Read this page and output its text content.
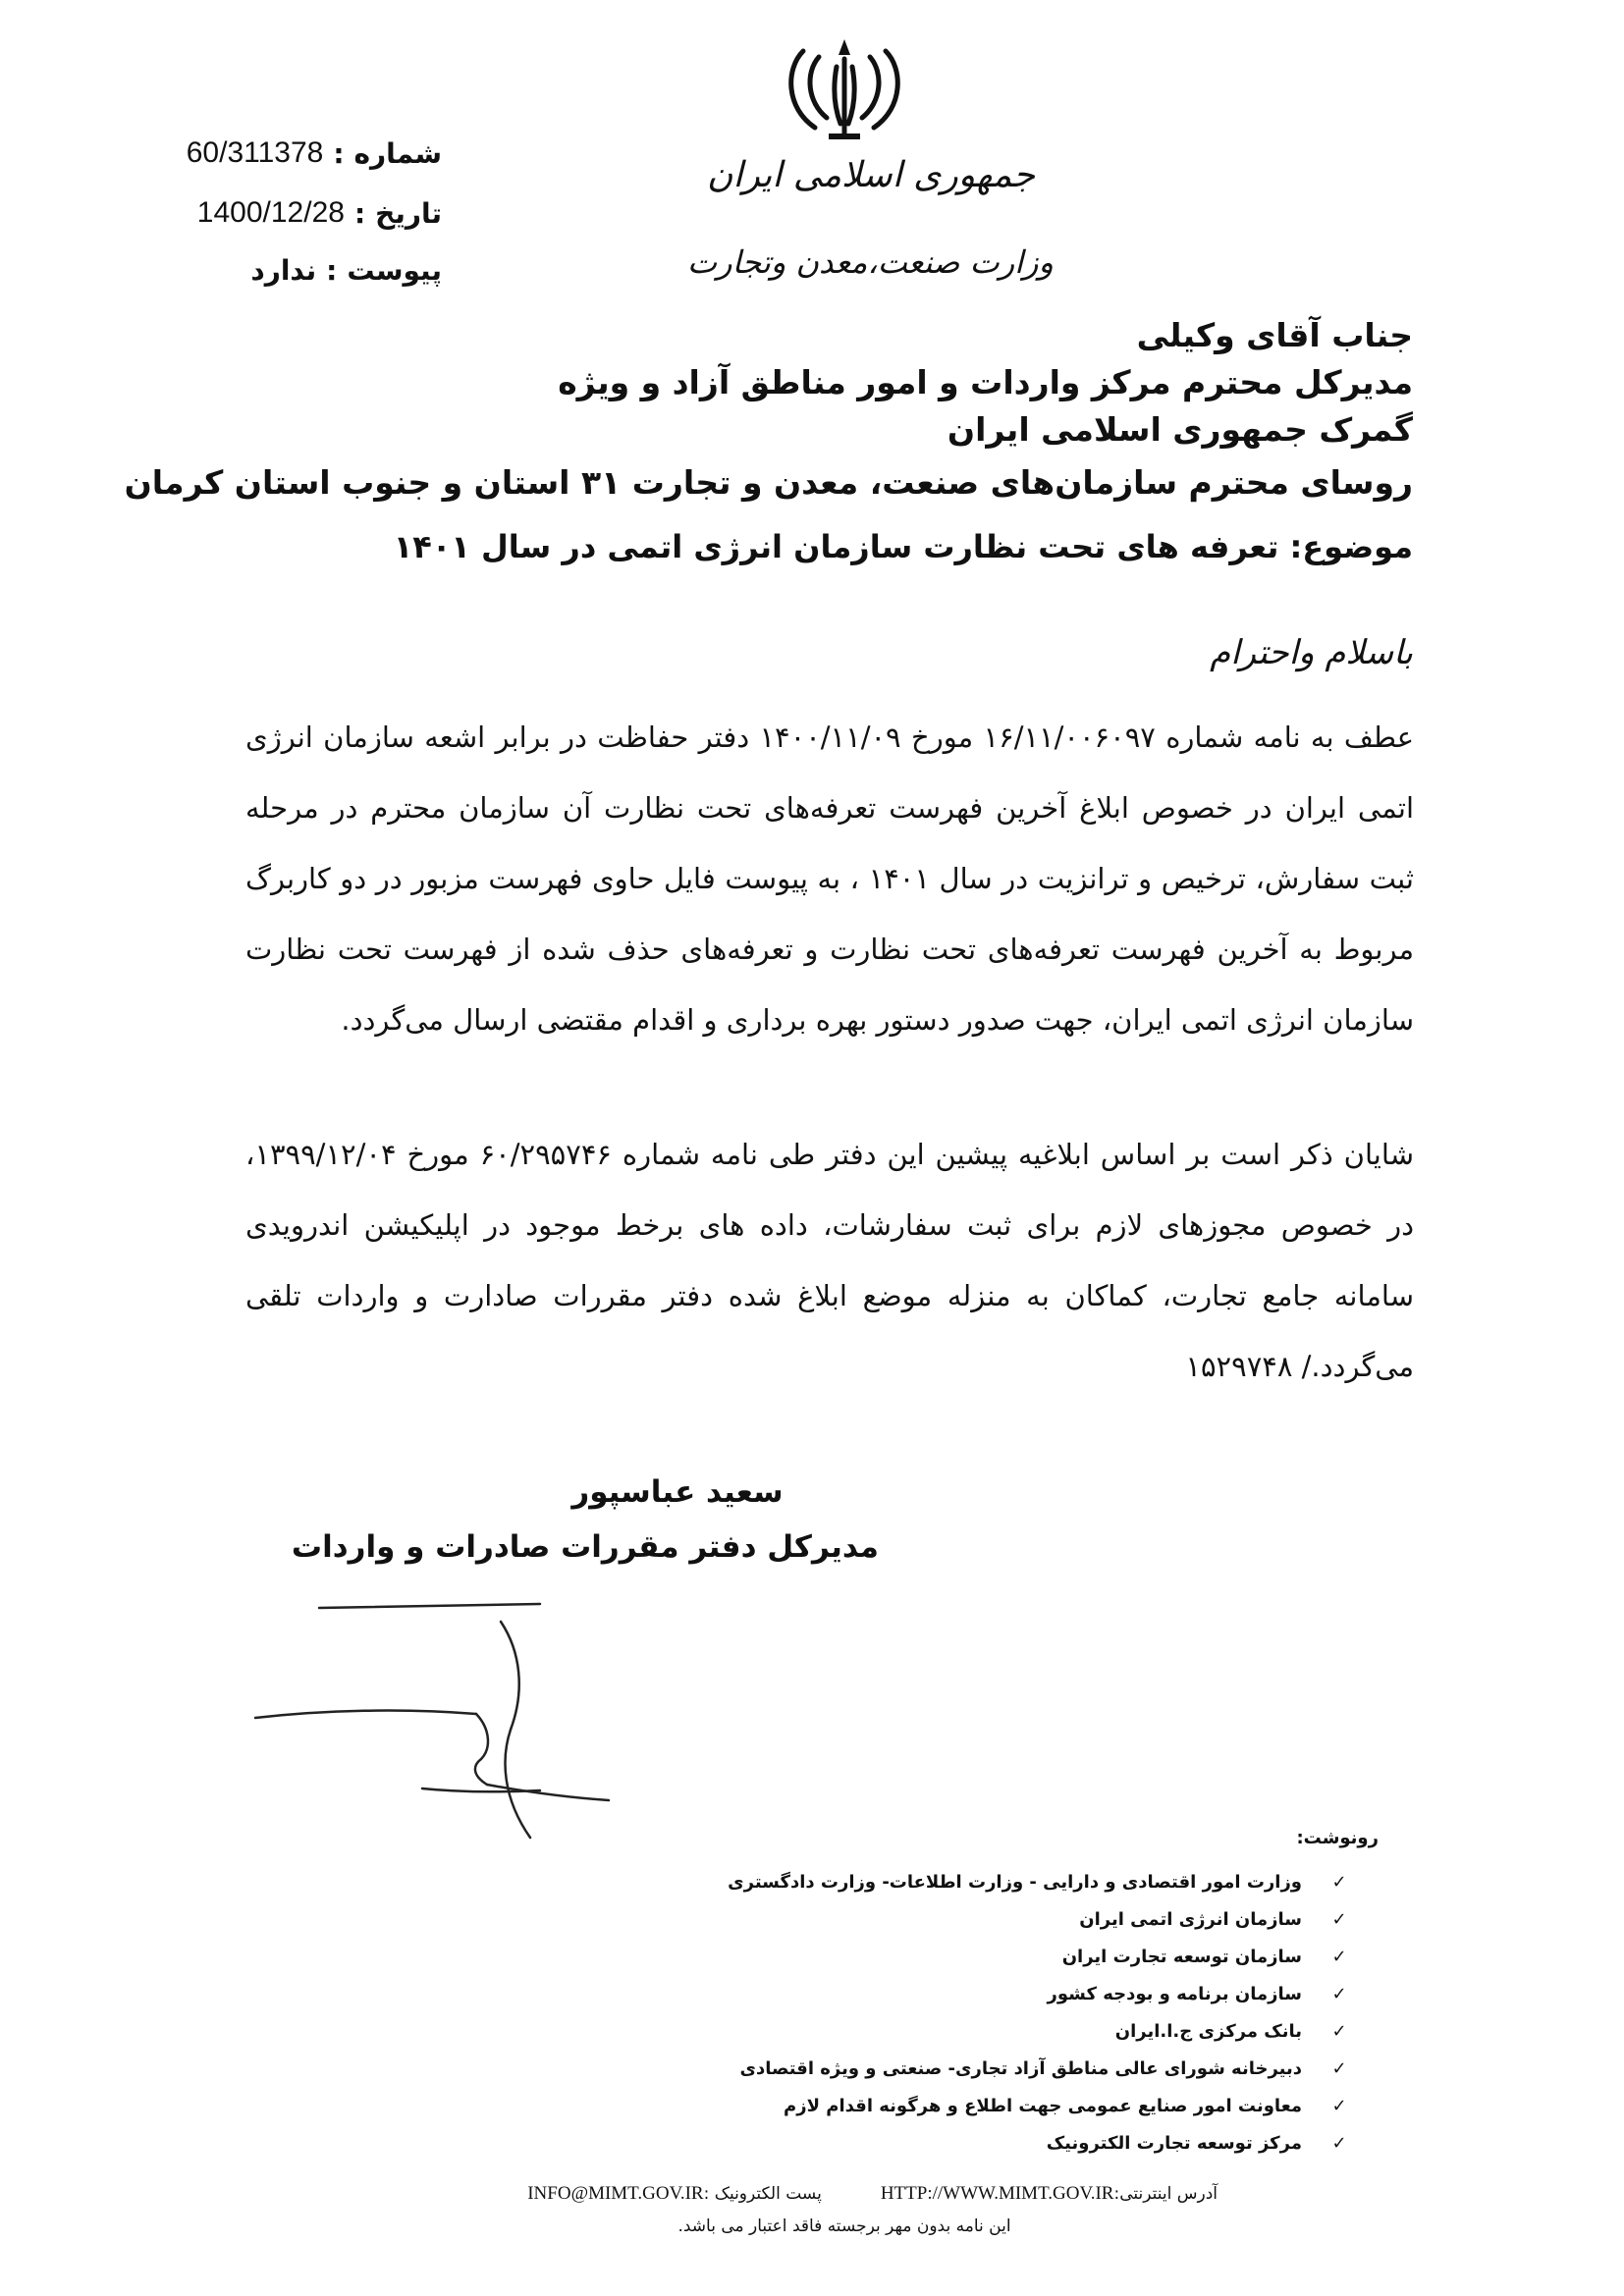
جمهوری اسلامی ایران
وزارت صنعت،معدن وتجارت
شماره
:
60/311378
تاریخ
:
1400/12/28
پیوست
:
ندارد
جناب آقای وکیلی
مدیرکل محترم مرکز واردات و امور مناطق آزاد و ویژه
گمرک جمهوری اسلامی ایران
روسای محترم سازمان‌های صنعت، معدن و تجارت ۳۱ استان و جنوب استان کرمان
موضوع: تعرفه های تحت نظارت سازمان انرژی اتمی در سال ۱۴۰۱
باسلام واحترام
عطف به نامه شماره ۱۶/۱۱/۰۰۶۰۹۷ مورخ ۱۴۰۰/۱۱/۰۹ دفتر حفاظت در برابر اشعه سازمان انرژی اتمی ایران در خصوص ابلاغ آخرین فهرست تعرفه‌های تحت نظارت آن سازمان محترم در مرحله ثبت سفارش، ترخیص و ترانزیت در سال ۱۴۰۱ ، به پیوست فایل حاوی فهرست مزبور در دو کاربرگ مربوط به آخرین فهرست تعرفه‌های تحت نظارت و تعرفه‌های حذف شده از فهرست تحت نظارت سازمان انرژی اتمی ایران، جهت صدور دستور بهره برداری و اقدام مقتضی ارسال می‌گردد.
شایان ذکر است بر اساس ابلاغیه پیشین این دفتر طی نامه شماره ۶۰/۲۹۵۷۴۶ مورخ ۱۳۹۹/۱۲/۰۴، در خصوص مجوزهای لازم برای ثبت سفارشات، داده های برخط موجود در اپلیکیشن اندرویدی سامانه جامع تجارت، کماکان به منزله موضع ابلاغ شده دفتر مقررات صادارت و واردات تلقی می‌گردد./ ۱۵۲۹۷۴۸
سعید عباسپور
مدیرکل دفتر مقررات صادرات و واردات
رونوشت:
✓
وزارت امور اقتصادی و دارایی - وزارت اطلاعات- وزارت دادگستری
✓
سازمان انرژی اتمی ایران
✓
سازمان توسعه تجارت ایران
✓
سازمان برنامه و بودجه کشور
✓
بانک مرکزی ج.ا.ایران
✓
دبیرخانه شورای عالی مناطق آزاد تجاری- صنعتی و ویژه اقتصادی
✓
معاونت امور صنایع عمومی جهت اطلاع و هرگونه اقدام لازم
✓
مرکز توسعه تجارت الکترونیک
آدرس اینترنتی:
HTTP://WWW.MIMT.GOV.IR
پست الکترونیک :
INFO@MIMT.GOV.IR
این نامه بدون مهر برجسته فاقد اعتبار می باشد.
